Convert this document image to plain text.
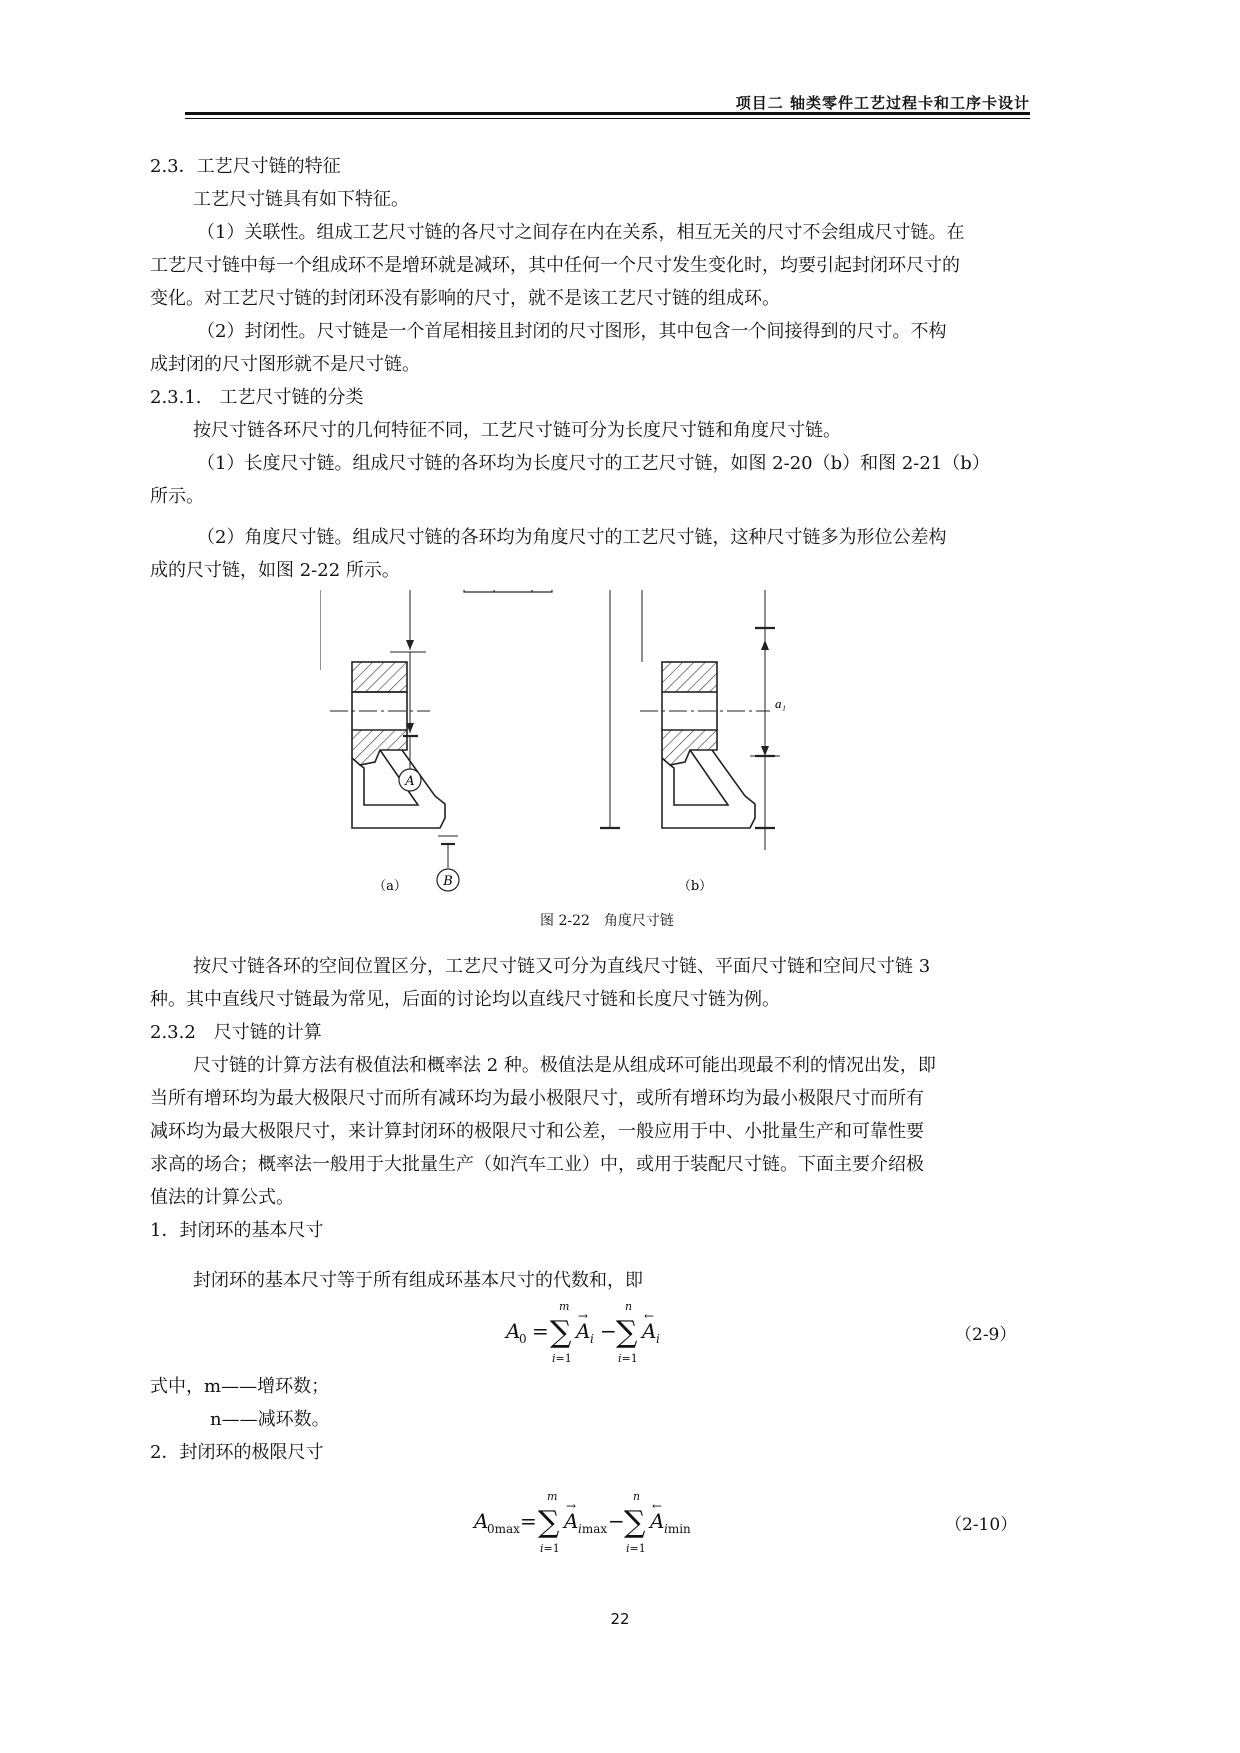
项目二 轴类零件工艺过程卡和工序卡设计
2.3．工艺尺寸链的特征
工艺尺寸链具有如下特征。
（1）关联性。组成工艺尺寸链的各尺寸之间存在内在关系，相互无关的尺寸不会组成尺寸链。在
工艺尺寸链中每一个组成环不是增环就是减环，其中任何一个尺寸发生变化时，均要引起封闭环尺寸的
变化。对工艺尺寸链的封闭环没有影响的尺寸，就不是该工艺尺寸链的组成环。
（2）封闭性。尺寸链是一个首尾相接且封闭的尺寸图形，其中包含一个间接得到的尺寸。不构
成封闭的尺寸图形就不是尺寸链。
2.3.1.　工艺尺寸链的分类
按尺寸链各环尺寸的几何特征不同，工艺尺寸链可分为长度尺寸链和角度尺寸链。
（1）长度尺寸链。组成尺寸链的各环均为长度尺寸的工艺尺寸链，如图 2-20（b）和图 2-21（b）
所示。
（2）角度尺寸链。组成尺寸链的各环均为角度尺寸的工艺尺寸链，这种尺寸链多为形位公差构
成的尺寸链，如图 2-22 所示。
A
B
（a）
a₁
（b）
图 2-22　角度尺寸链
按尺寸链各环的空间位置区分，工艺尺寸链又可分为直线尺寸链、平面尺寸链和空间尺寸链 3
种。其中直线尺寸链最为常见，后面的讨论均以直线尺寸链和长度尺寸链为例。
2.3.2　尺寸链的计算
尺寸链的计算方法有极值法和概率法 2 种。极值法是从组成环可能出现最不利的情况出发，即
当所有增环均为最大极限尺寸而所有减环均为最小极限尺寸，或所有增环均为最小极限尺寸而所有
减环均为最大极限尺寸，来计算封闭环的极限尺寸和公差，一般应用于中、小批量生产和可靠性要
求高的场合；概率法一般用于大批量生产（如汽车工业）中，或用于装配尺寸链。下面主要介绍极
值法的计算公式。
1．封闭环的基本尺寸
封闭环的基本尺寸等于所有组成环基本尺寸的代数和，即
A
0 = ∑
m
i=1
A
→
i − ∑
n
i=1
A
←
i	（2-9）
式中，m——增环数；
n——减环数。
2．封闭环的极限尺寸
A
0max = ∑
m
i=1
A
→
imax − ∑
n
i=1
A
←
imin	（2-10）
22
